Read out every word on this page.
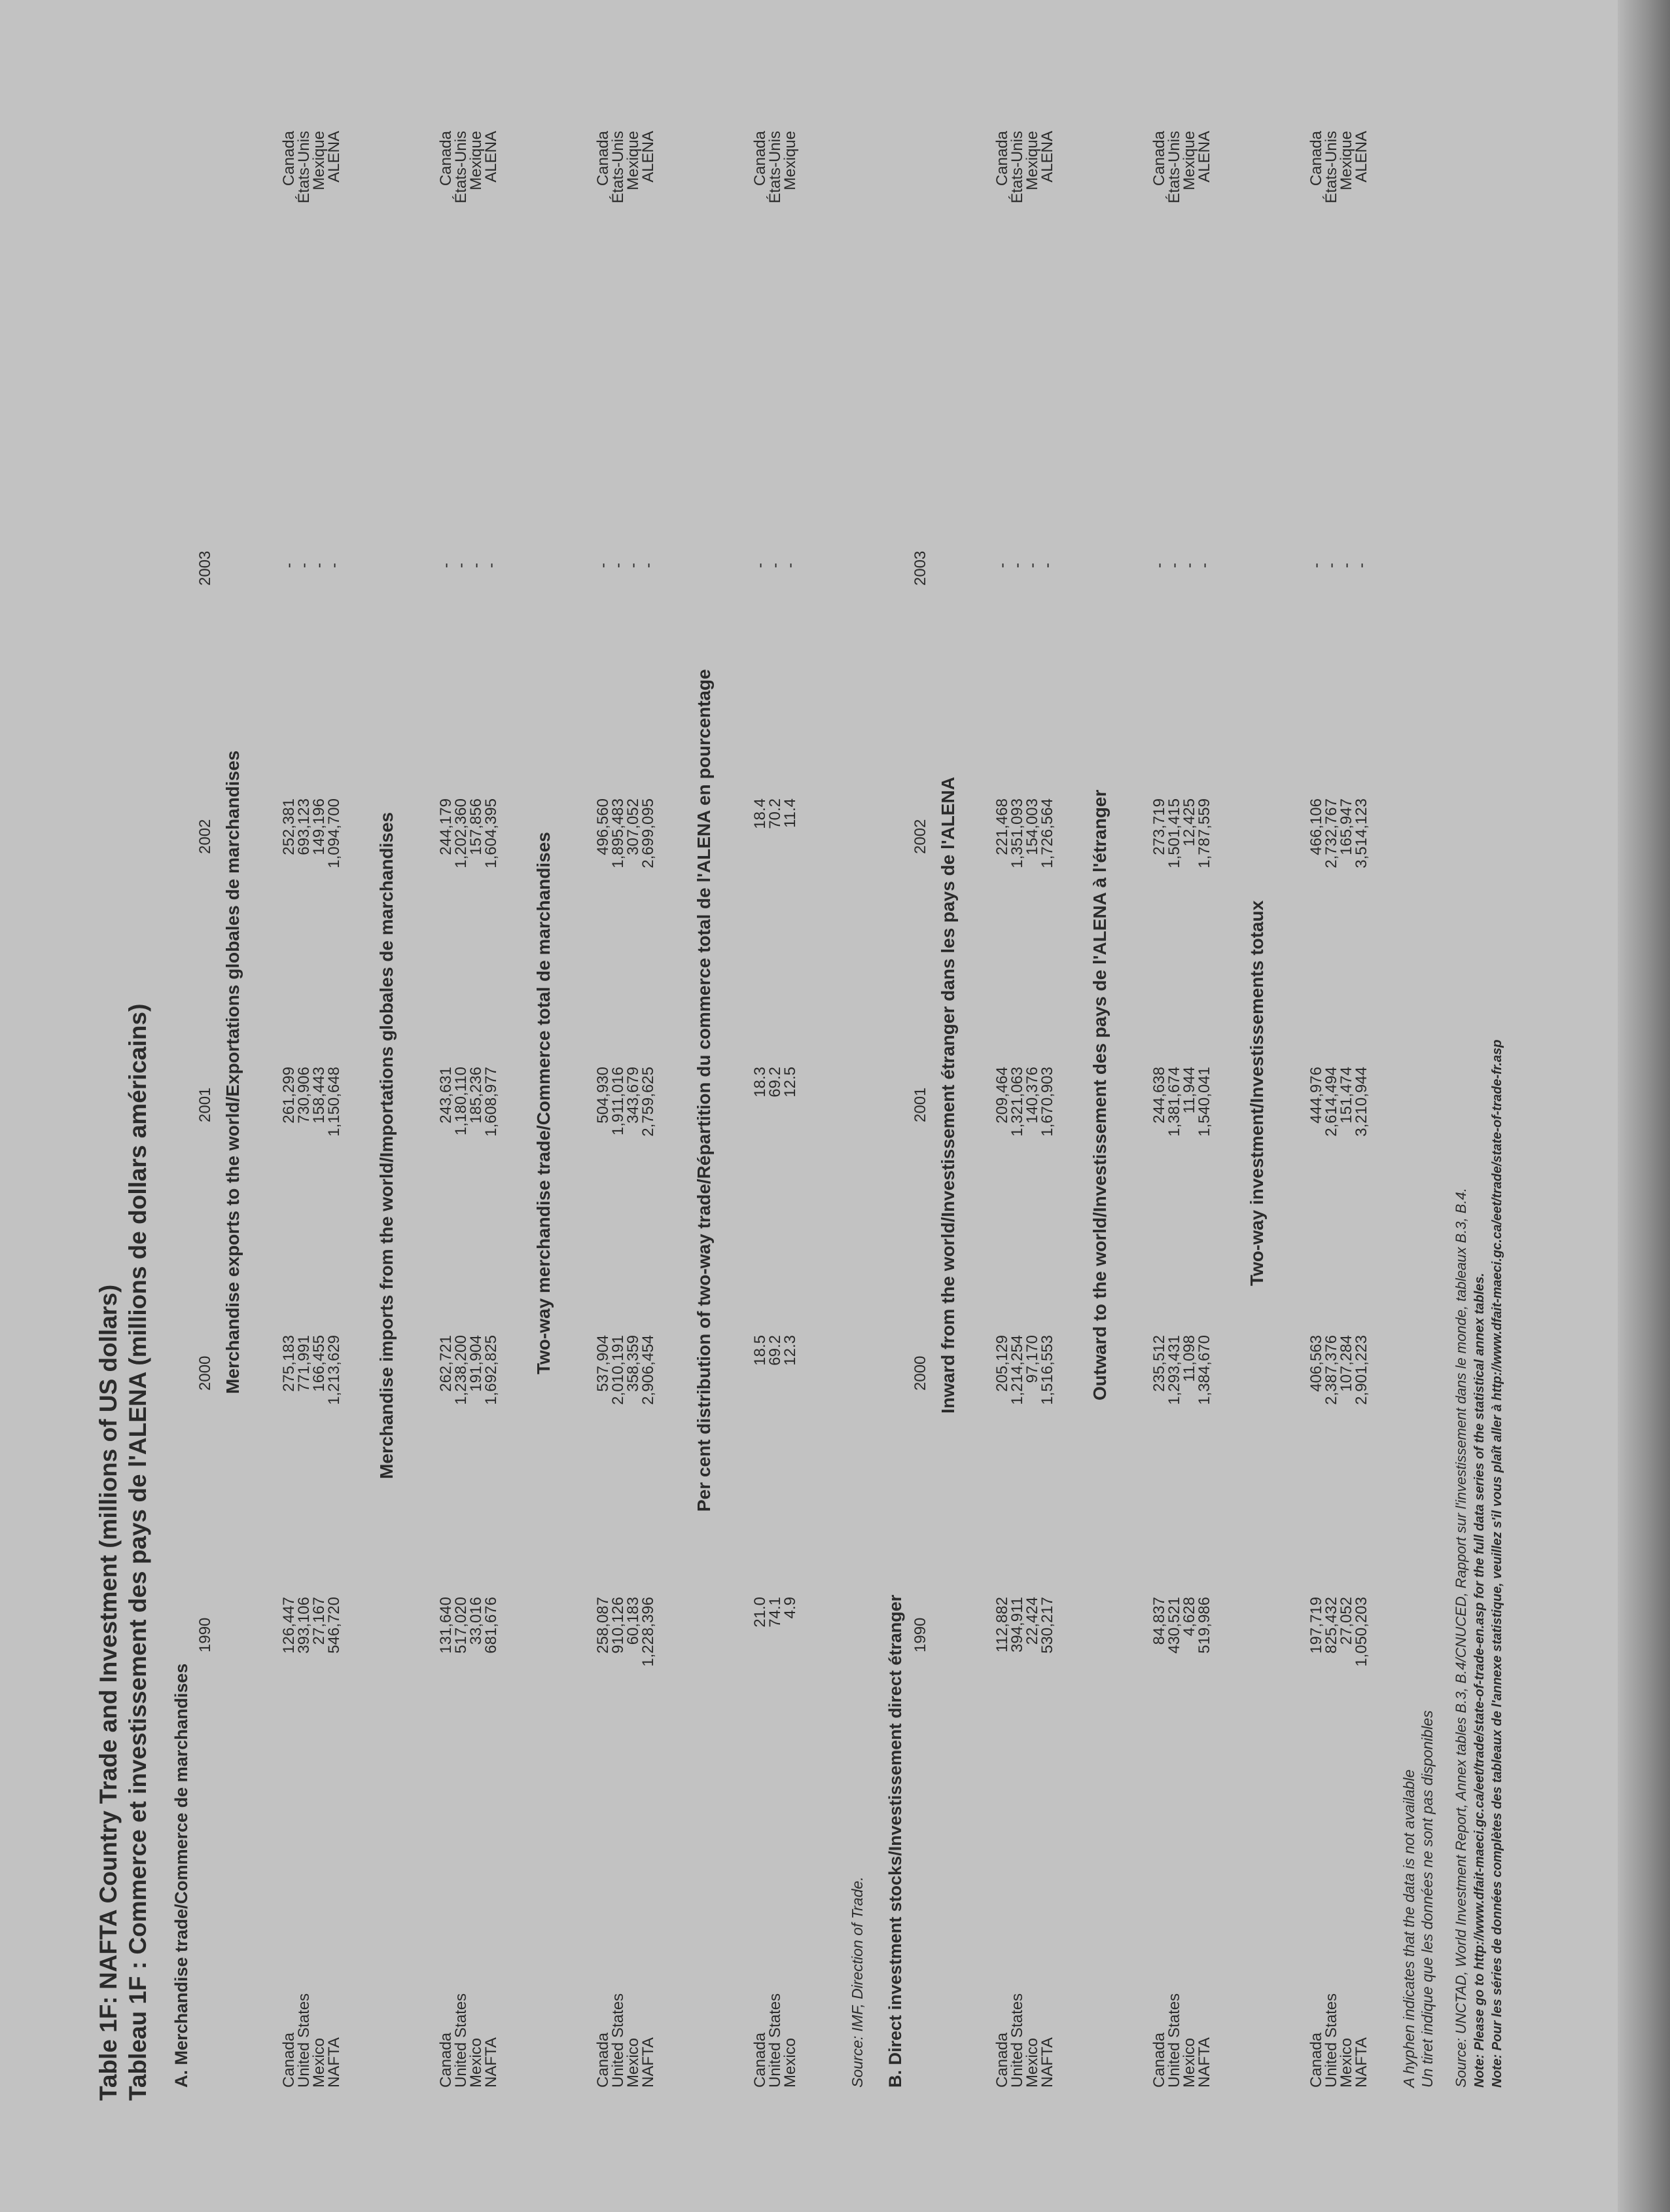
Table 1F: NAFTA Country Trade and Investment (millions of US dollars) Tableau 1F : Commerce et investissement des pays de l'ALENA (millions de dollars américains) A. Merchandise trade/Commerce de marchandises
1990
2000
2001
2002
2003
Merchandise exports to the world/Exportations globales de marchandises
Canada
United States
Mexico
NAFTA
126,447
393,106
27,167
546,720
275,183
771,991
166,455
1,213,629
261,299
730,906
158,443
1,150,648
252,381
693,123
149,196
1,094,700
-
-
-
-
Canada
États-Unis
Mexique
ALENA
Merchandise imports from the world/Importations globales de marchandises
Canada
United States
Mexico
NAFTA
131,640
517,020
33,016
681,676
262,721
1,238,200
191,904
1,692,825
243,631
1,180,110
185,236
1,608,977
244,179
1,202,360
157,856
1,604,395
-
-
-
-
Canada
États-Unis
Mexique
ALENA
Two-way merchandise trade/Commerce total de marchandises
Canada
United States
Mexico
NAFTA
258,087
910,126
60,183
1,228,396
537,904
2,010,191
358,359
2,906,454
504,930
1,911,016
343,679
2,759,625
496,560
1,895,483
307,052
2,699,095
-
-
-
-
Canada
États-Unis
Mexique
ALENA
Per cent distribution of two-way trade/Répartition du commerce total de l'ALENA en pourcentage
Canada
United States
Mexico
21.0
74.1
4.9
18.5
69.2
12.3
18.3
69.2
12.5
18.4
70.2
11.4
-
-
-
Canada
États-Unis
Mexique
Source: IMF, Direction of Trade. B. Direct investment stocks/Investissement direct étranger 1990
2000
2001
2002
2003
Inward from the world/Investissement étranger dans les pays de l'ALENA
Canada
United States
Mexico
NAFTA
112,882
394,911
22,424
530,217
205,129
1,214,254
97,170
1,516,553
209,464
1,321,063
140,376
1,670,903
221,468
1,351,093
154,003
1,726,564
-
-
-
-
Canada
États-Unis
Mexique
ALENA
Outward to the world/Investissement des pays de l'ALENA à l'étranger
Canada
United States
Mexico
NAFTA
84,837
430,521
4,628
519,986
235,512
1,293,431
11,098
1,384,670
244,638
1,381,674
11,944
1,540,041
273,719
1,501,415
12,425
1,787,559
-
-
-
-
Canada
États-Unis
Mexique
ALENA
Two-way investment/Investissements totaux
Canada
United States
Mexico
NAFTA
197,719
825,432
27,052
1,050,203
406,563
2,387,376
107,284
2,901,223
444,976
2,614,494
151,474
3,210,944
466,106
2,732,767
165,947
3,514,123
-
-
-
-
Canada
États-Unis
Mexique
ALENA
A hyphen indicates that the data is not available Un tiret indique que les données ne sont pas disponibles Source: UNCTAD, World Investment Report, Annex tables B.3, B.4/CNUCED, Rapport sur l'investissement dans le monde, tableaux B.3, B.4. Note: Please go to http://www.dfait-maeci.gc.ca/eet/trade/state-of-trade-en.asp for the full data series of the statistical annex tables. Note: Pour les séries de données complètes des tableaux de l'annexe statistique, veuillez s'il vous plaît aller à http://www.dfait-maeci.gc.ca/eet/trade/state-of-trade-fr.asp
